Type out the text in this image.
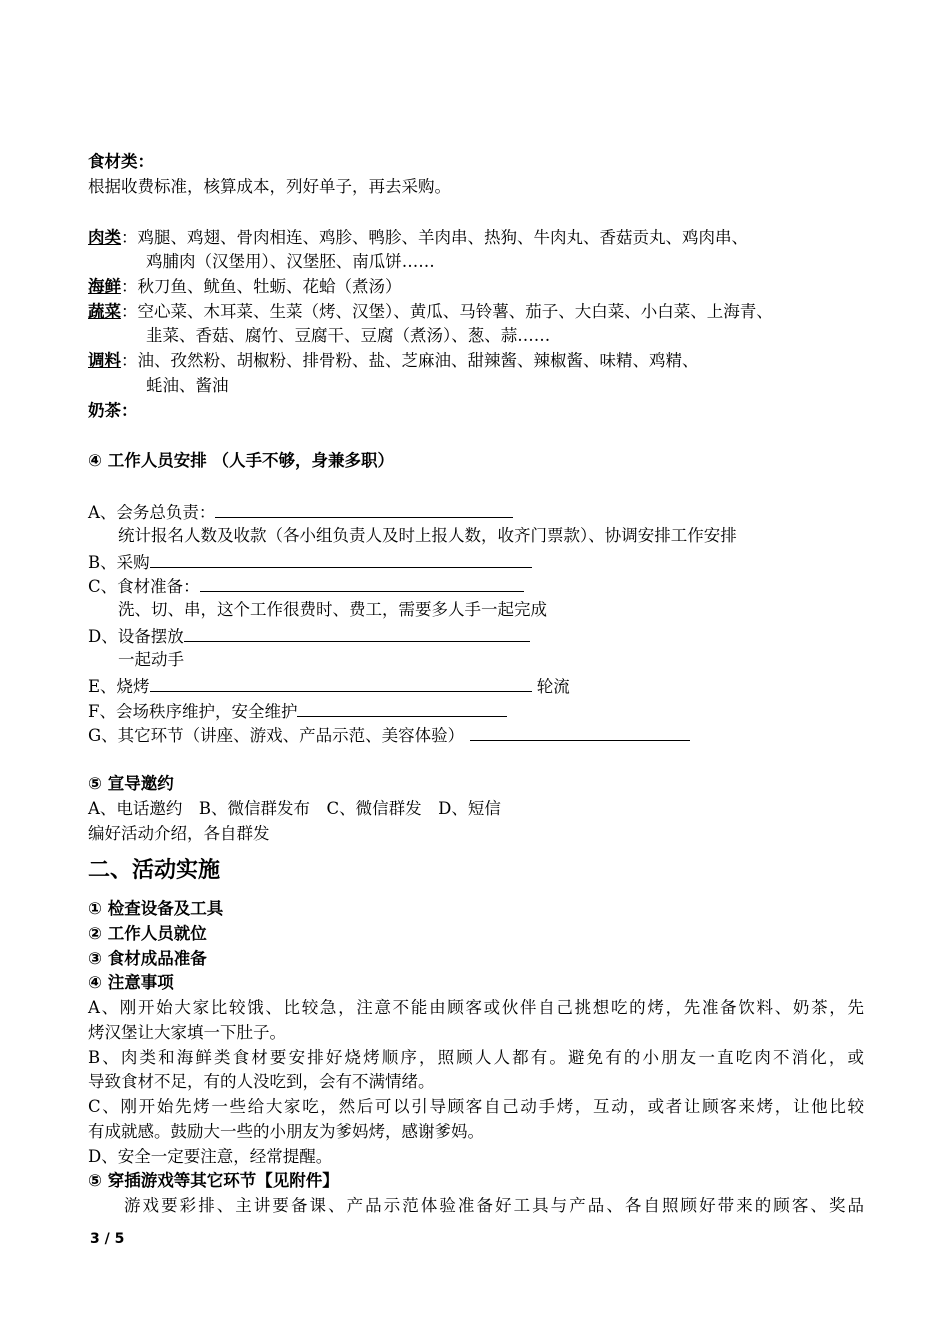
食材类：
根据收费标准，核算成本，列好单子，再去采购。
肉类：鸡腿、鸡翅、骨肉相连、鸡胗、鸭胗、羊肉串、热狗、牛肉丸、香菇贡丸、鸡肉串、
鸡脯肉（汉堡用）、汉堡胚、南瓜饼……
海鲜：秋刀鱼、鱿鱼、牡蛎、花蛤（煮汤）
蔬菜：空心菜、木耳菜、生菜（烤、汉堡）、黄瓜、马铃薯、茄子、大白菜、小白菜、上海青、
韭菜、香菇、腐竹、豆腐干、豆腐（煮汤）、葱、蒜……
调料：油、孜然粉、胡椒粉、排骨粉、盐、芝麻油、甜辣酱、辣椒酱、味精、鸡精、
蚝油、酱油
奶茶：
④ 工作人员安排 （人手不够，身兼多职）
A、会务总负责：
统计报名人数及收款（各小组负责人及时上报人数，收齐门票款）、协调安排工作安排
B、采购
C、食材准备：
洗、切、串，这个工作很费时、费工，需要多人手一起完成
D、设备摆放
一起动手
E、烧烤	轮流
F、会场秩序维护，安全维护
G、其它环节（讲座、游戏、产品示范、美容体验）
⑤ 宣导邀约
A、电话邀约　B、微信群发布　C、微信群发　D、短信
编好活动介绍，各自群发
二、活动实施
① 检查设备及工具
② 工作人员就位
③ 食材成品准备
④ 注意事项
A、刚开始大家比较饿、比较急，注意不能由顾客或伙伴自己挑想吃的烤，先准备饮料、奶茶，先
烤汉堡让大家填一下肚子。
B、肉类和海鲜类食材要安排好烧烤顺序，照顾人人都有。避免有的小朋友一直吃肉不消化，或
导致食材不足，有的人没吃到，会有不满情绪。
C、刚开始先烤一些给大家吃，然后可以引导顾客自己动手烤，互动，或者让顾客来烤，让他比较
有成就感。鼓励大一些的小朋友为爹妈烤，感谢爹妈。
D、安全一定要注意，经常提醒。
⑤ 穿插游戏等其它环节【见附件】
游戏要彩排、主讲要备课、产品示范体验准备好工具与产品、各自照顾好带来的顾客、奖品
3 / 5
